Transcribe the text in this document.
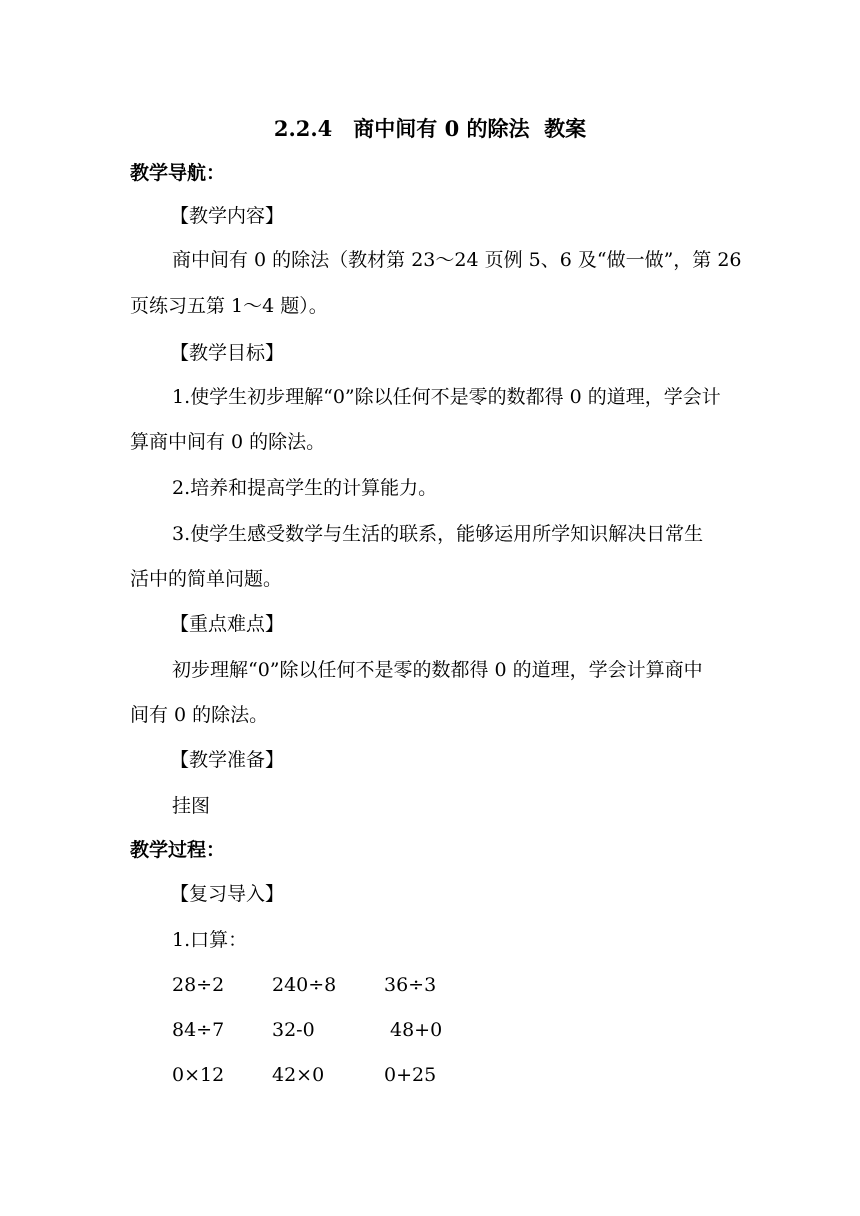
2.2.4　商中间有 0 的除法  教案
教学导航：
【教学内容】
商中间有 0 的除法（教材第 23～24 页例 5、6 及“做一做”，第 26
页练习五第 1～4 题）。
【教学目标】
1.使学生初步理解“0”除以任何不是零的数都得 0 的道理，学会计
算商中间有 0 的除法。
2.培养和提高学生的计算能力。
3.使学生感受数学与生活的联系，能够运用所学知识解决日常生
活中的简单问题。
【重点难点】
初步理解“0”除以任何不是零的数都得 0 的道理，学会计算商中
间有 0 的除法。
【教学准备】
挂图
教学过程：
【复习导入】
1.口算：
28÷2	240÷8	36÷3
84÷7	32-0	48+0
0×12	42×0	0+25
